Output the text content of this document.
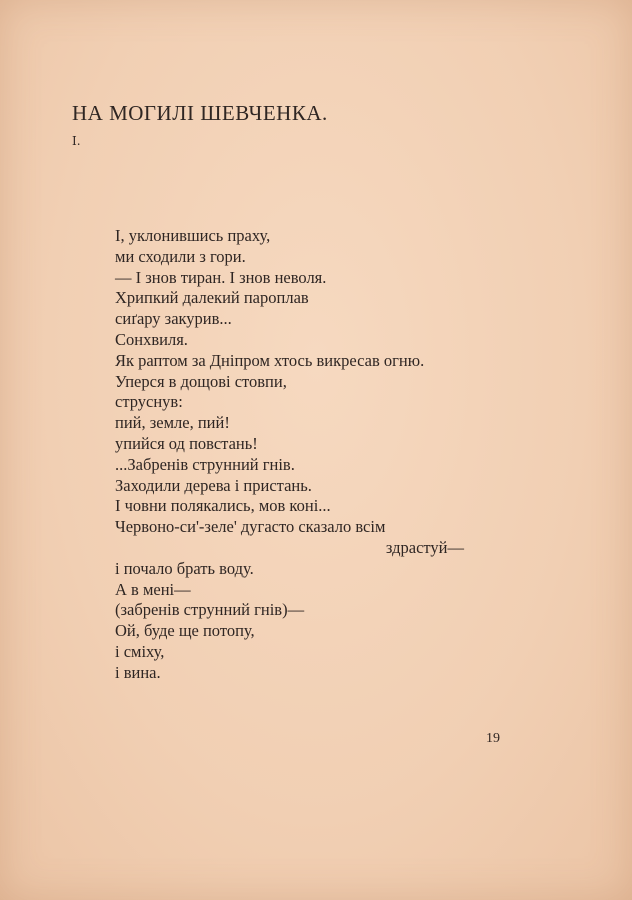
НА МОГИЛІ ШЕВЧЕНКА.
I.
І, уклонившись праху,
ми сходили з гори.
— І знов тиран. І знов неволя.
Хрипкий далекий пароплав
сиґару закурив...
Сонхвиля.
Як раптом за Дніпром хтось викресав огню.
Уперся в дощові стовпи,
струснув:
пий, земле, пий!
упийся од повстань!
...Забренів струнний гнів.
Заходили дерева і пристань.
І човни полякались, мов коні...
Червоно-си'-зеле' дугасто сказало всім
здрастуй—
і почало брать воду.
А в мені—
(забренів струнний гнів)—
Ой, буде ще потопу,
і сміху,
і вина.
19
